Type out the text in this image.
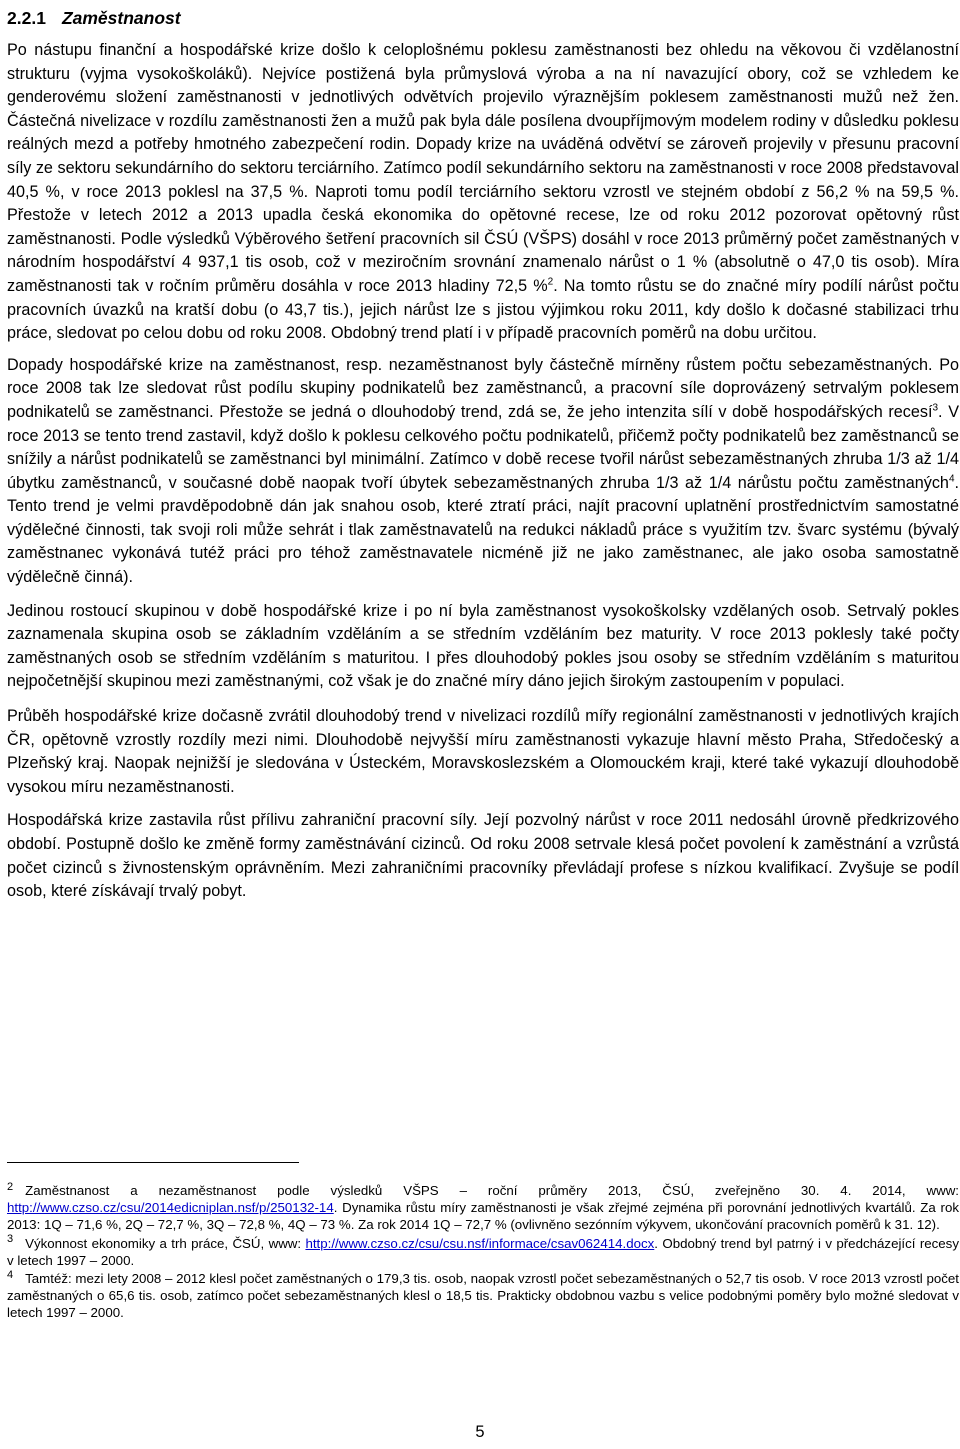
2.2.1 Zaměstnanost

Po nástupu finanční a hospodářské krize došlo k celoplošnému poklesu zaměstnanosti bez ohledu na věkovou či vzdělanostní strukturu (vyjma vysokoškoláků). Nejvíce postižená byla průmyslová výroba a na ní navazující obory, což se vzhledem ke genderovému složení zaměstnanosti v jednotlivých odvětvích projevilo výraznějším poklesem zaměstnanosti mužů než žen. Částečná nivelizace v rozdílu zaměstnanosti žen a mužů pak byla dále posílena dvoupříjmovým modelem rodiny v důsledku poklesu reálných mezd a potřeby hmotného zabezpečení rodin. Dopady krize na uváděná odvětví se zároveň projevily v přesunu pracovní síly ze sektoru sekundárního do sektoru terciárního. Zatímco podíl sekundárního sektoru na zaměstnanosti v roce 2008 představoval 40,5 %, v roce 2013 poklesl na 37,5 %. Naproti tomu podíl terciárního sektoru vzrostl ve stejném období z 56,2 % na 59,5 %. Přestože v letech 2012 a 2013 upadla česká ekonomika do opětovné recese, lze od roku 2012 pozorovat opětovný růst zaměstnanosti. Podle výsledků Výběrového šetření pracovních sil ČSÚ (VŠPS) dosáhl v roce 2013 průměrný počet zaměstnaných v národním hospodářství 4 937,1 tis osob, což v meziročním srovnání znamenalo nárůst o 1 % (absolutně o 47,0 tis osob). Míra zaměstnanosti tak v ročním průměru dosáhla v roce 2013 hladiny 72,5 %$^2$. Na tomto růstu se do značné míry podílí nárůst počtu pracovních úvazků na kratší dobu (o 43,7 tis.), jejich nárůst lze s jistou výjimkou roku 2011, kdy došlo k dočasné stabilizaci trhu práce, sledovat po celou dobu od roku 2008. Obdobný trend platí i v případě pracovních poměrů na dobu určitou.

Dopady hospodářské krize na zaměstnanost, resp. nezaměstnanost byly částečně mírněny růstem počtu sebezaměstnaných. Po roce 2008 tak lze sledovat růst podílu skupiny podnikatelů bez zaměstnanců, a pracovní síle doprovázený setrvalým poklesem podnikatelů se zaměstnanci. Přestože se jedná o dlouhodobý trend, zdá se, že jeho intenzita sílí v době hospodářských recesí$^3$. V roce 2013 se tento trend zastavil, když došlo k poklesu celkového počtu podnikatelů, přičemž počty podnikatelů bez zaměstnanců se snížily a nárůst podnikatelů se zaměstnanci byl minimální. Zatímco v době recese tvořil nárůst sebezaměstnaných zhruba 1/3 až 1/4 úbytku zaměstnanců, v současné době naopak tvoří úbytek sebezaměstnaných zhruba 1/3 až 1/4 nárůstu počtu zaměstnaných$^4$. Tento trend je velmi pravděpodobně dán jak snahou osob, které ztratí práci, najít pracovní uplatnění prostřednictvím samostatné výdělečné činnosti, tak svoji roli může sehrát i tlak zaměstnavatelů na redukci nákladů práce s využitím tzv. švarc systému (bývalý zaměstnanec vykonává tutéž práci pro téhož zaměstnavatele nicméně již ne jako zaměstnanec, ale jako osoba samostatně výdělečně činná).

Jedinou rostoucí skupinou v době hospodářské krize i po ní byla zaměstnanost vysokoškolsky vzdělaných osob. Setrvalý pokles zaznamenala skupina osob se základním vzděláním a se středním vzděláním bez maturity. V roce 2013 poklesly také počty zaměstnaných osob se středním vzděláním s maturitou. I přes dlouhodobý pokles jsou osoby se středním vzděláním s maturitou nejpočetnější skupinou mezi zaměstnanými, což však je do značné míry dáno jejich širokým zastoupením v populaci.

Průběh hospodářské krize dočasně zvrátil dlouhodobý trend v nivelizaci rozdílů mířy regionální zaměstnanosti v jednotlivých krajích ČR, opětovně vzrostly rozdíly mezi nimi. Dlouhodobě nejvyšší míru zaměstnanosti vykazuje hlavní město Praha, Středočeský a Plzeňský kraj. Naopak nejnižší je sledována v Ústeckém, Moravskoslezském a Olomouckém kraji, které také vykazují dlouhodobě vysokou míru nezaměstnanosti.

Hospodářská krize zastavila růst přílivu zahraniční pracovní síly. Její pozvolný nárůst v roce 2011 nedosáhl úrovně předkrizového období. Postupně došlo ke změně formy zaměstnávání cizinců. Od roku 2008 setrvale klesá počet povolení k zaměstnání a vzrůstá počet cizinců s živnostenským oprávněním. Mezi zahraničními pracovníky převládají profese s nízkou kvalifikací. Zvyšuje se podíl osob, které získávají trvalý pobyt.

$^2$ Zaměstnanost a nezaměstnanost podle výsledků VŠPS – roční průměry 2013, ČSÚ, zveřejněno 30. 4. 2014, www: http://www.czso.cz/csu/2014edicniplan.nsf/p/250132-14. Dynamika růstu míry zaměstnanosti je však zřejmé zejména při porovnání jednotlivých kvartálů. Za rok 2013: 1Q – 71,6 %, 2Q – 72,7 %, 3Q – 72,8 %, 4Q – 73 %. Za rok 2014 1Q – 72,7 % (ovlivněno sezónním výkyvem, ukončování pracovních poměrů k 31. 12).

$^3$ Výkonnost ekonomiky a trh práce, ČSÚ, www: http://www.czso.cz/csu/csu.nsf/informace/csav062414.docx. Obdobný trend byl patrný i v předcházející recesy v letech 1997 – 2000.

$^4$ Tamtéž: mezi lety 2008 – 2012 klesl počet zaměstnaných o 179,3 tis. osob, naopak vzrostl počet sebezaměstnaných o 52,7 tis osob. V roce 2013 vzrostl počet zaměstnaných o 65,6 tis. osob, zatímco počet sebezaměstnaných klesl o 18,5 tis. Prakticky obdobnou vazbu s velice podobnými poměry bylo možné sledovat v letech 1997 – 2000.

5
